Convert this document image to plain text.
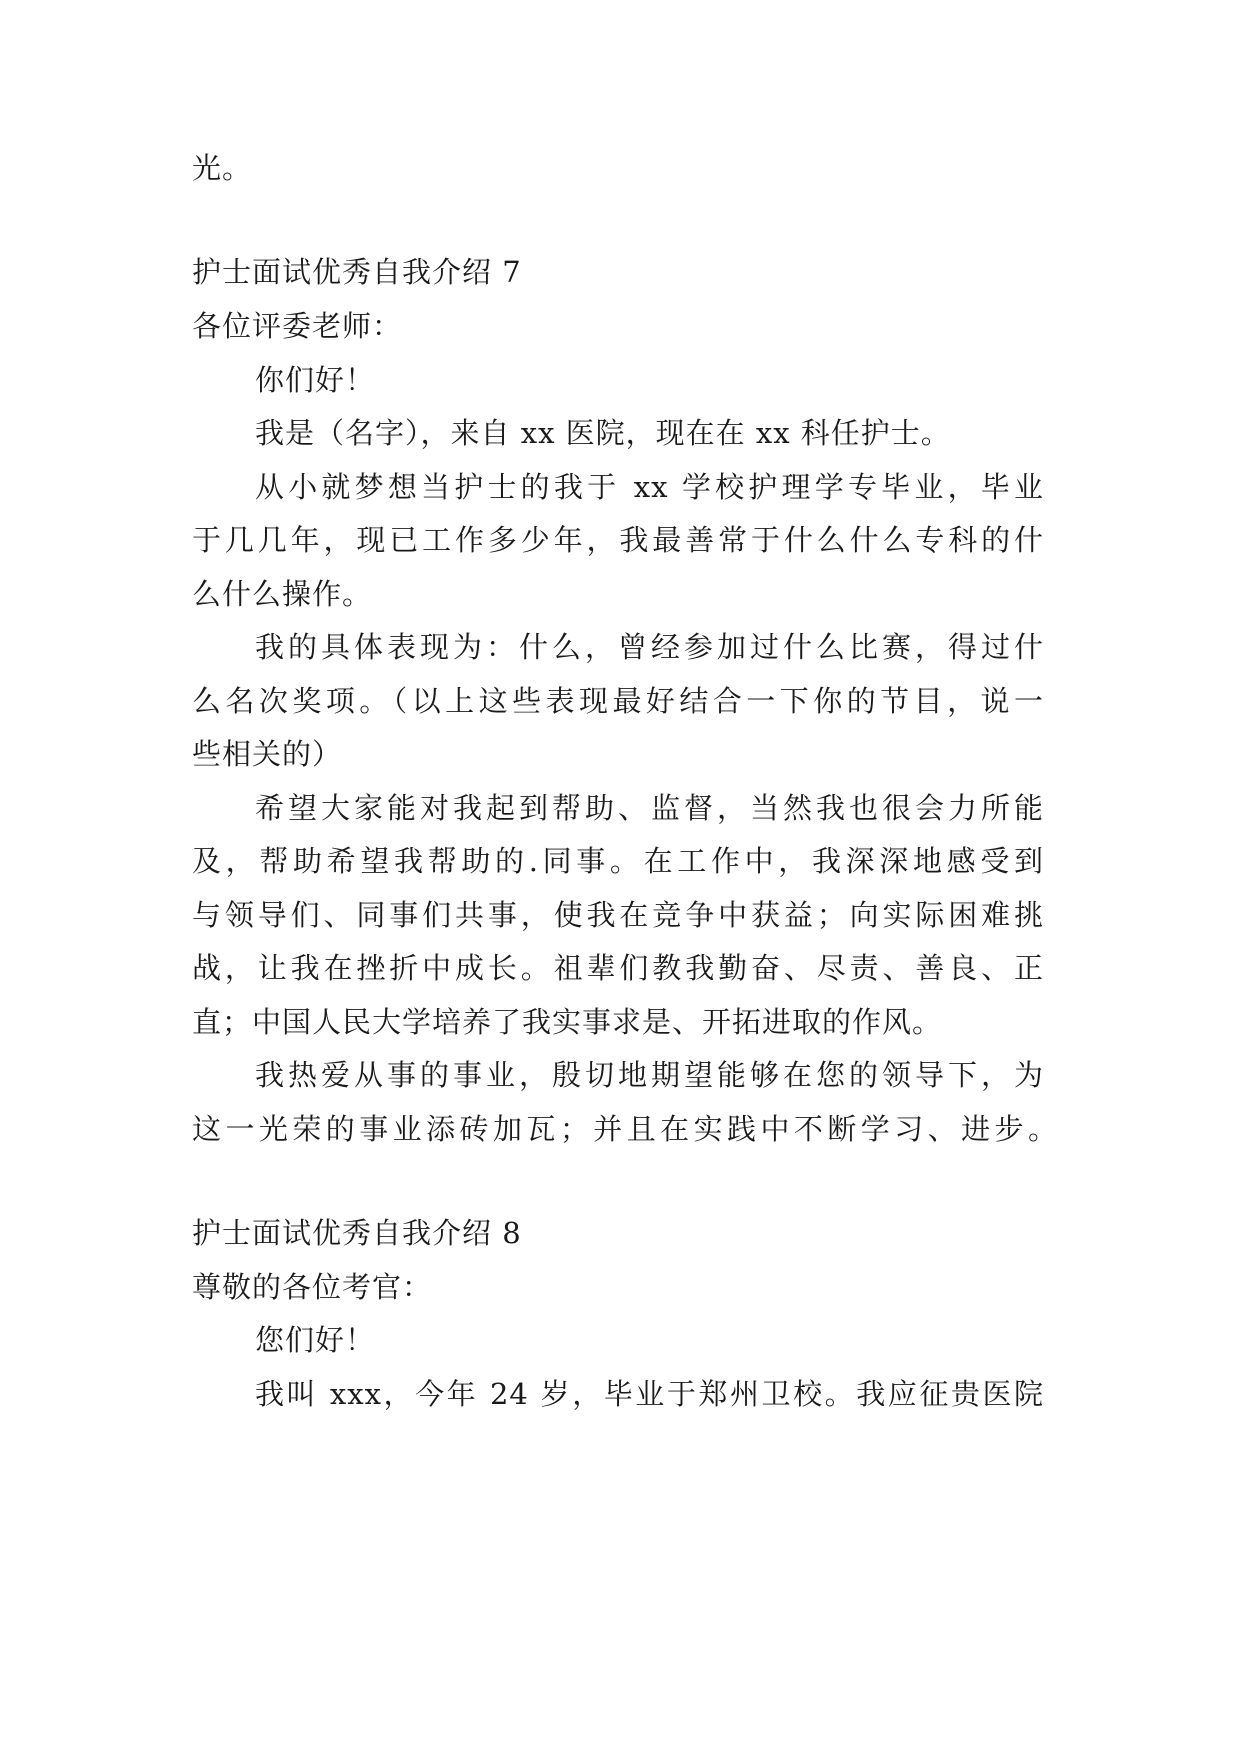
光。
护士面试优秀自我介绍 7
各位评委老师：
你们好！
我是（名字），来自 xx 医院，现在在 xx 科任护士。
从小就梦想当护士的我于 xx 学校护理学专毕业，毕业
于几几年，现已工作多少年，我最善常于什么什么专科的什
么什么操作。
我的具体表现为：什么，曾经参加过什么比赛，得过什
么名次奖项。（以上这些表现最好结合一下你的节目，说一
些相关的）
希望大家能对我起到帮助、监督，当然我也很会力所能
及，帮助希望我帮助的.同事。在工作中，我深深地感受到
与领导们、同事们共事，使我在竞争中获益；向实际困难挑
战，让我在挫折中成长。祖辈们教我勤奋、尽责、善良、正
直；中国人民大学培养了我实事求是、开拓进取的作风。
我热爱从事的事业，殷切地期望能够在您的领导下，为
这一光荣的事业添砖加瓦；并且在实践中不断学习、进步。
护士面试优秀自我介绍 8
尊敬的各位考官：
您们好！
我叫 xxx，今年 24 岁，毕业于郑州卫校。我应征贵医院
